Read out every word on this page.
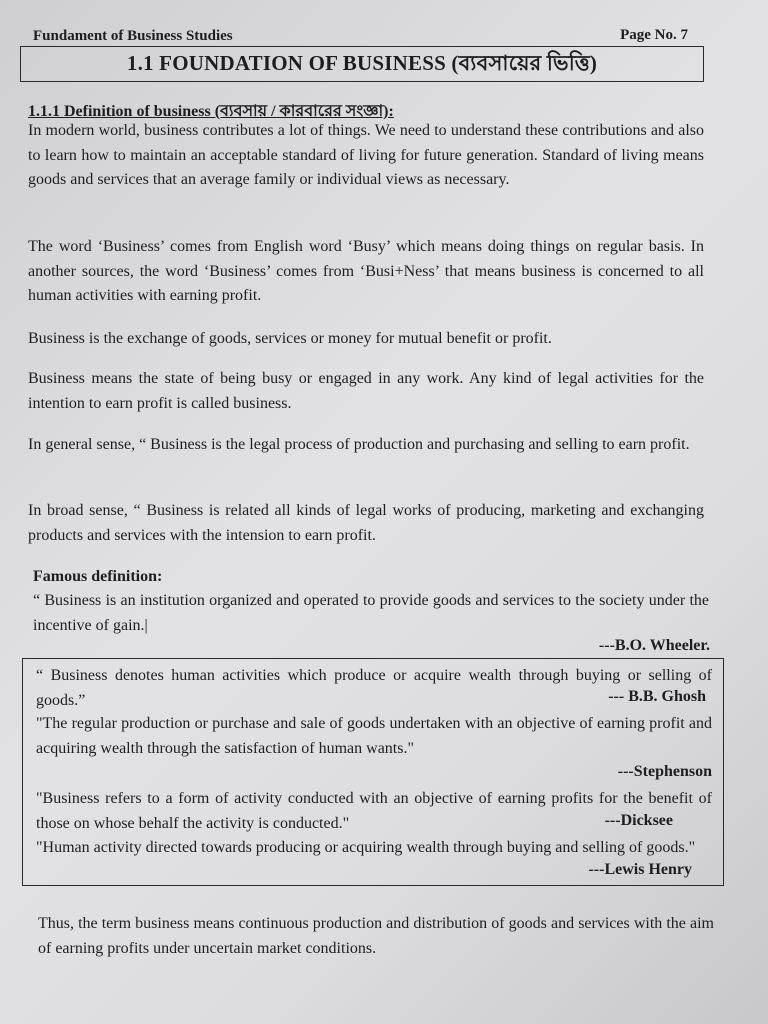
Fundament of Business Studies	Page No. 7
1.1 FOUNDATION OF BUSINESS (ব্যবসায়ের ভিত্তি)
1.1.1 Definition of business (ব্যবসায় / কারবারের সংজ্ঞা):
In modern world, business contributes a lot of things. We need to understand these contributions and also to learn how to maintain an acceptable standard of living for future generation. Standard of living means goods and services that an average family or individual views as necessary.
The word ‘Business’ comes from English word ‘Busy’ which means doing things on regular basis. In another sources, the word ‘Business’ comes from ‘Busi+Ness’ that means business is concerned to all human activities with earning profit.
Business is the exchange of goods, services or money for mutual benefit or profit.
Business means the state of being busy or engaged in any work. Any kind of legal activities for the intention to earn profit is called business.
In general sense, “ Business is the legal process of production and purchasing and selling to earn profit.
In broad sense, “ Business is related all kinds of legal works of producing, marketing and exchanging products and services with the intension to earn profit.
Famous definition:
“ Business is an institution organized and operated to provide goods and services to the society under the incentive of gain.|
---B.O. Wheeler.
“ Business denotes human activities which produce or acquire wealth through buying or selling of goods.”	--- B.B. Ghosh
"The regular production or purchase and sale of goods undertaken with an objective of earning profit and acquiring wealth through the satisfaction of human wants."
---Stephenson
"Business refers to a form of activity conducted with an objective of earning profits for the benefit of those on whose behalf the activity is conducted."	---Dicksee
"Human activity directed towards producing or acquiring wealth through buying and selling of goods."
---Lewis Henry
Thus, the term business means continuous production and distribution of goods and services with the aim of earning profits under uncertain market conditions.
